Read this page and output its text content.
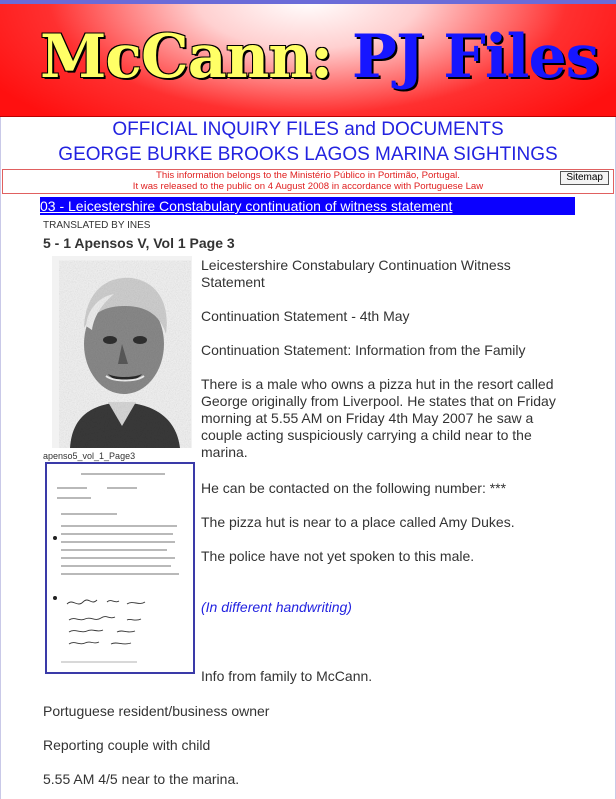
McCann: PJ Files
OFFICIAL INQUIRY FILES and DOCUMENTS
GEORGE BURKE BROOKS LAGOS MARINA SIGHTINGS
This information belongs to the Ministério Público in Portimão, Portugal.
It was released to the public on 4 August 2008 in accordance with Portuguese Law
Sitemap
03 - Leicestershire Constabulary continuation of witness statement
TRANSLATED BY INES
5 - 1 Apensos V, Vol 1 Page 3
apenso5_vol_1_Page3
Leicestershire Constabulary Continuation Witness Statement
Continuation Statement - 4th May
Continuation Statement: Information from the Family
There is a male who owns a pizza hut in the resort called George originally from Liverpool. He states that on Friday morning at 5.55 AM on Friday 4th May 2007 he saw a couple acting suspiciously carrying a child near to the marina.
He can be contacted on the following number: ***
The pizza hut is near to a place called Amy Dukes.
The police have not yet spoken to this male.
(In different handwriting)
Info from family to McCann.
Portuguese resident/business owner
Reporting couple with child
5.55 AM 4/5 near to the marina.
